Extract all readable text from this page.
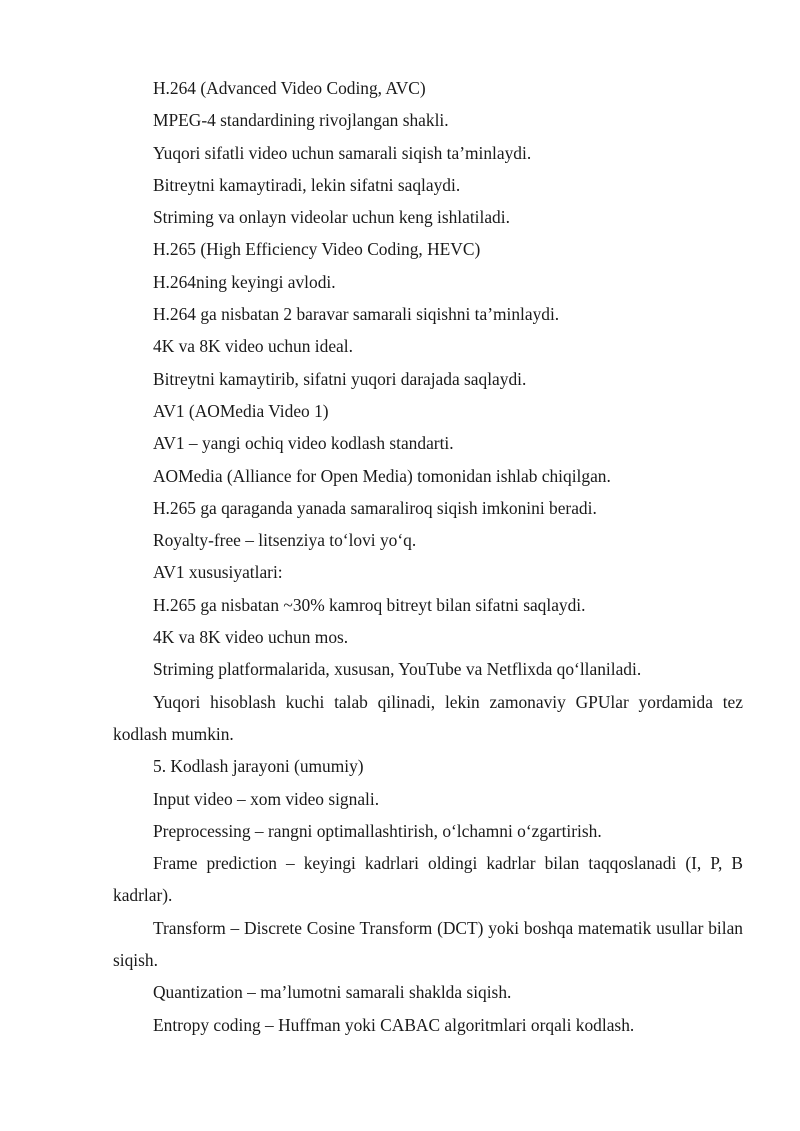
H.264 (Advanced Video Coding, AVC)

MPEG-4 standardining rivojlangan shakli.

Yuqori sifatli video uchun samarali siqish ta’minlaydi.

Bitreytni kamaytiradi, lekin sifatni saqlaydi.

Striming va onlayn videolar uchun keng ishlatiladi.

H.265 (High Efficiency Video Coding, HEVC)

H.264ning keyingi avlodi.

H.264 ga nisbatan 2 baravar samarali siqishni ta’minlaydi.

4K va 8K video uchun ideal.

Bitreytni kamaytirib, sifatni yuqori darajada saqlaydi.

AV1 (AOMedia Video 1)

AV1 – yangi ochiq video kodlash standarti.

AOMedia (Alliance for Open Media) tomonidan ishlab chiqilgan.

H.265 ga qaraganda yanada samaraliroq siqish imkonini beradi.

Royalty-free – litsenziya to‘lovi yo‘q.

AV1 xususiyatlari:

H.265 ga nisbatan ~30% kamroq bitreyt bilan sifatni saqlaydi.

4K va 8K video uchun mos.

Striming platformalarida, xususan, YouTube va Netflixda qo‘llaniladi.

Yuqori hisoblash kuchi talab qilinadi, lekin zamonaviy GPUlar yordamida tez kodlash mumkin.

5. Kodlash jarayoni (umumiy)

Input video – xom video signali.

Preprocessing – rangni optimallashtirish, o‘lchamni o‘zgartirish.

Frame prediction – keyingi kadrlari oldingi kadrlar bilan taqqoslanadi (I, P, B kadrlar).

Transform – Discrete Cosine Transform (DCT) yoki boshqa matematik usullar bilan siqish.

Quantization – ma’lumotni samarali shaklda siqish.

Entropy coding – Huffman yoki CABAC algoritmlari orqali kodlash.
